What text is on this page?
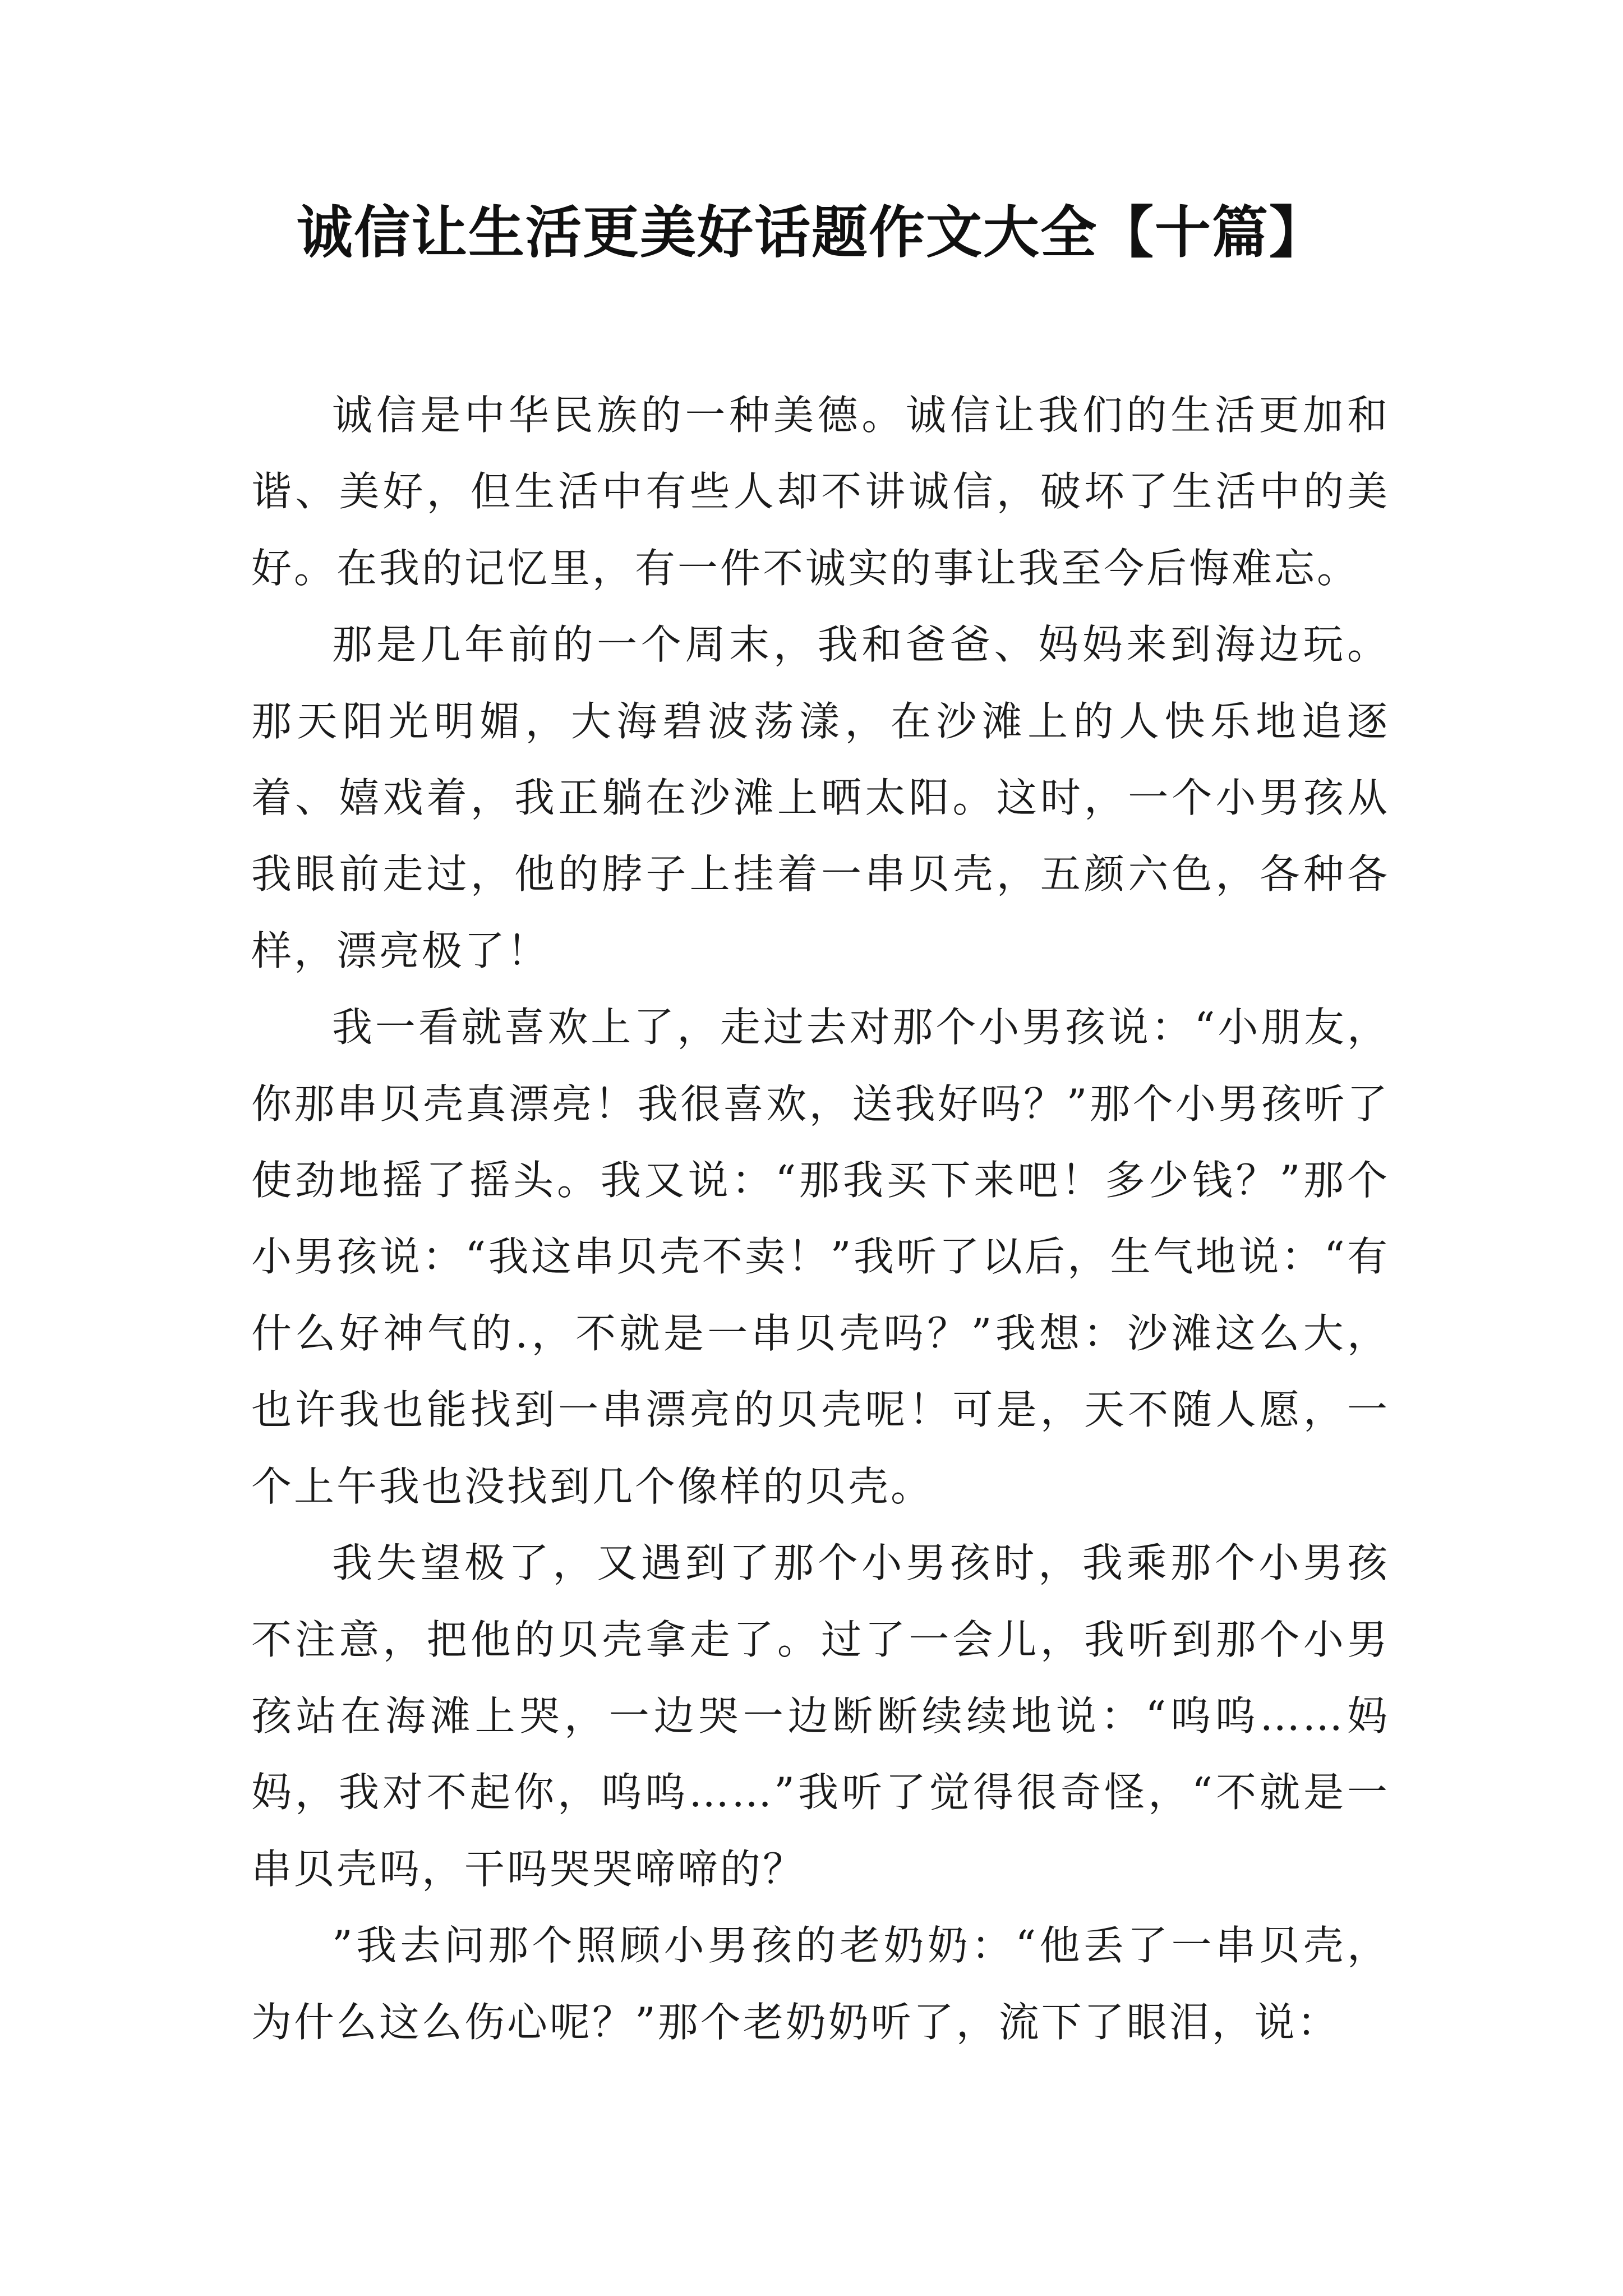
诚信让生活更美好话题作文大全【十篇】

诚信是中华民族的一种美德。诚信让我们的生活更加和谐、美好，但生活中有些人却不讲诚信，破坏了生活中的美好。在我的记忆里，有一件不诚实的事让我至今后悔难忘。

那是几年前的一个周末，我和爸爸、妈妈来到海边玩。那天阳光明媚，大海碧波荡漾，在沙滩上的人快乐地追逐着、嬉戏着，我正躺在沙滩上晒太阳。这时，一个小男孩从我眼前走过，他的脖子上挂着一串贝壳，五颜六色，各种各样，漂亮极了！

我一看就喜欢上了，走过去对那个小男孩说：“小朋友，你那串贝壳真漂亮！我很喜欢，送我好吗？”那个小男孩听了使劲地摇了摇头。我又说：“那我买下来吧！多少钱？”那个小男孩说：“我这串贝壳不卖！”我听了以后，生气地说：“有什么好神气的.，不就是一串贝壳吗？”我想：沙滩这么大，也许我也能找到一串漂亮的贝壳呢！可是，天不随人愿，一个上午我也没找到几个像样的贝壳。

我失望极了，又遇到了那个小男孩时，我乘那个小男孩不注意，把他的贝壳拿走了。过了一会儿，我听到那个小男孩站在海滩上哭，一边哭一边断断续续地说：“呜呜……妈妈，我对不起你，呜呜……”我听了觉得很奇怪，“不就是一串贝壳吗，干吗哭哭啼啼的？

”我去问那个照顾小男孩的老奶奶：“他丢了一串贝壳，为什么这么伤心呢？”那个老奶奶听了，流下了眼泪，说：
